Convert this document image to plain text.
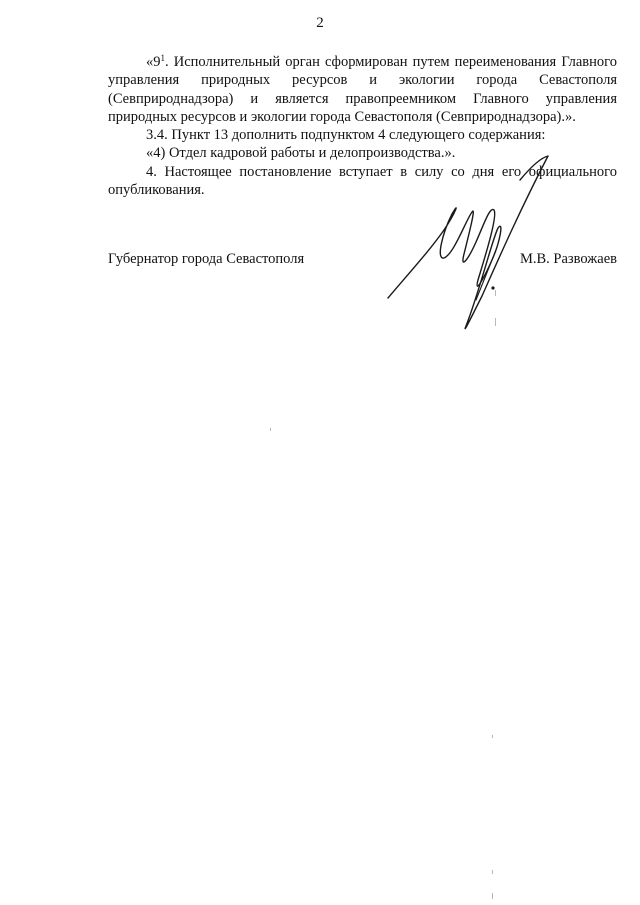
2

«$9^1$. Исполнительный орган сформирован путем переименования Главного управления природных ресурсов и экологии города Севастополя (Севприроднадзора) и является правопреемником Главного управления природных ресурсов и экологии города Севастополя (Севприроднадзора).».

3.4. Пункт 13 дополнить подпунктом 4 следующего содержания:

«4) Отдел кадровой работы и делопроизводства.».

4. Настоящее постановление вступает в силу со дня его официального опубликования.

Губернатор города Севастополя	М.В. Развожаев
